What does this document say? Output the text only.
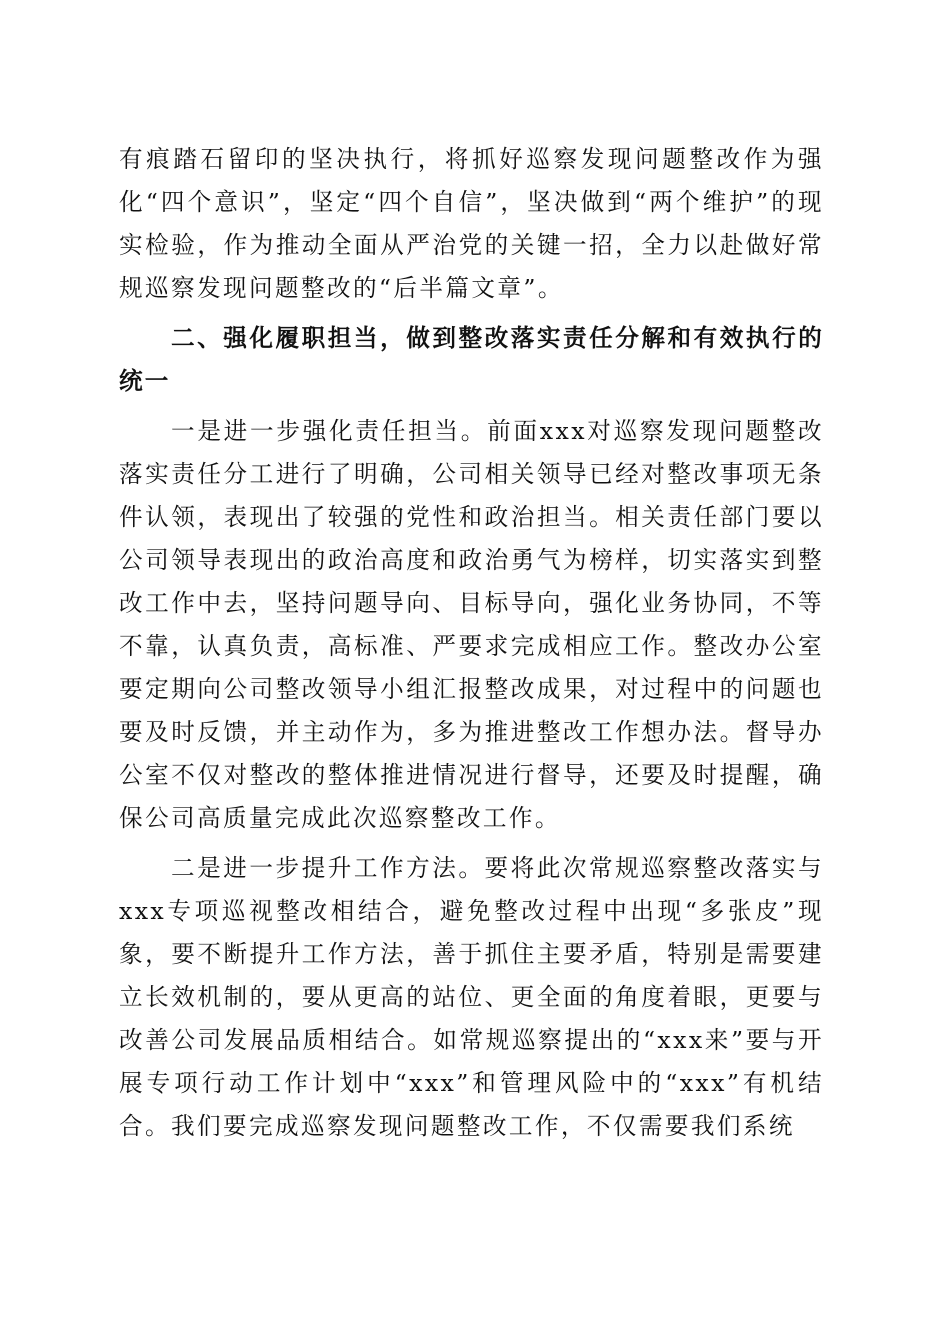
有痕踏石留印的坚决执行，将抓好巡察发现问题整改作为强化“四个意识”，坚定“四个自信”，坚决做到“两个维护”的现实检验，作为推动全面从严治党的关键一招，全力以赴做好常规巡察发现问题整改的“后半篇文章”。

二、强化履职担当，做到整改落实责任分解和有效执行的统一

一是进一步强化责任担当。前面xxx对巡察发现问题整改落实责任分工进行了明确，公司相关领导已经对整改事项无条件认领，表现出了较强的党性和政治担当。相关责任部门要以公司领导表现出的政治高度和政治勇气为榜样，切实落实到整改工作中去，坚持问题导向、目标导向，强化业务协同，不等不靠，认真负责，高标准、严要求完成相应工作。整改办公室要定期向公司整改领导小组汇报整改成果，对过程中的问题也要及时反馈，并主动作为，多为推进整改工作想办法。督导办公室不仅对整改的整体推进情况进行督导，还要及时提醒，确保公司高质量完成此次巡察整改工作。

二是进一步提升工作方法。要将此次常规巡察整改落实与xxx专项巡视整改相结合，避免整改过程中出现“多张皮”现象，要不断提升工作方法，善于抓住主要矛盾，特别是需要建立长效机制的，要从更高的站位、更全面的角度着眼，更要与改善公司发展品质相结合。如常规巡察提出的“xxx来”要与开展专项行动工作计划中“xxx”和管理风险中的“xxx”有机结合。我们要完成巡察发现问题整改工作，不仅需要我们系统
